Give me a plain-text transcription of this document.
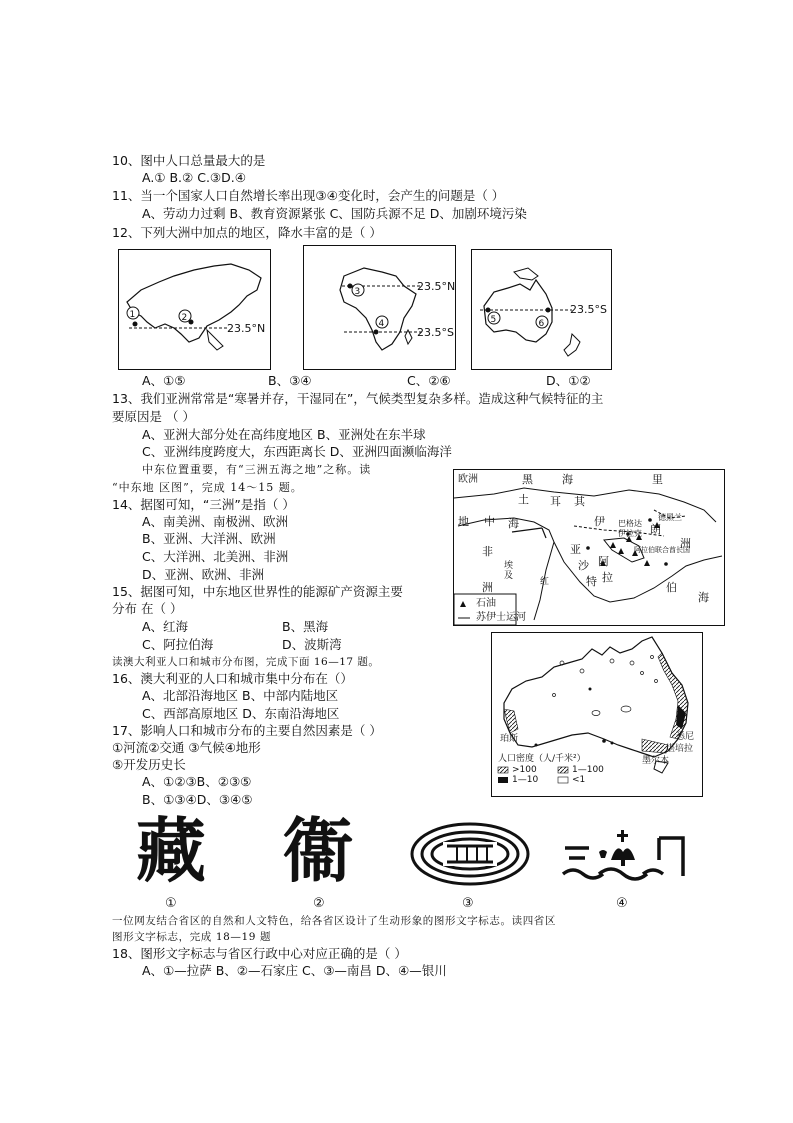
10、图中人口总量最大的是
A.① B.② C.③D.④
11、当一个国家人口自然增长率出现③④变化时，会产生的问题是（ ）
A、劳动力过剩 B、教育资源紧张 C、国防兵源不足 D、加剧环境污染
12、下列大洲中加点的地区，降水丰富的是（ ）
1	2
23.5°N
3
4
23.5°N
23.5°S
5	6
23.5°S
A、①⑤	B、③④	C、②⑥	D、①②
13、我们亚洲常常是“寒暑并存，干湿同在”，气候类型复杂多样。造成这种气候特征的主
要原因是 （ ）
A、亚洲大部分处在高纬度地区 B、亚洲处在东半球
C、亚洲纬度跨度大，东西距离长 D、亚洲四面濒临海洋
中东位置重要，有“三洲五海之地”之称。读
“中东地 区图”，完成 14～15 题。
14、据图可知，“三洲”是指（ ）
A、南美洲、南极洲、欧洲
B、亚洲、大洋洲、欧洲
C、大洋洲、北美洲、非洲
D、亚洲、欧洲、非洲
15、据图可知，中东地区世界性的能源矿产资源主要
分布 在（ ）
A、红海	B、黑海
C、阿拉伯海	D、波斯湾
欧洲	黑	海	里
土 耳 其
地 中 海	伊
朗
亚	洲
非
沙
特
阿
拉
伯
海
洲
埃
及
红
德黑兰
巴格达
伊拉克
阿拉伯联合酋长国
石油
苏伊士运河
读澳大利亚人口和城市分布图，完成下面 16—17 题。
16、澳大利亚的人口和城市集中分布在（）
A、北部沿海地区 B、中部内陆地区
C、西部高原地区 D、东南沿海地区
17、影响人口和城市分布的主要自然因素是（ ）
①河流②交通 ③气候④地形
⑤开发历史长
A、①②③B、②③⑤
B、①③④D、③④⑤
珀斯	悉尼
堪培拉
墨尔本
人口密度（人/千米²）
>100	1—100
1—10	<1
藏	衞
①	②	③	④
一位网友结合省区的自然和人文特色，给各省区设计了生动形象的图形文字标志。读四省区
图形文字标志，完成 18—19 题
18、图形文字标志与省区行政中心对应正确的是（ ）
A、①—拉萨 B、②—石家庄 C、③—南昌 D、④—银川
